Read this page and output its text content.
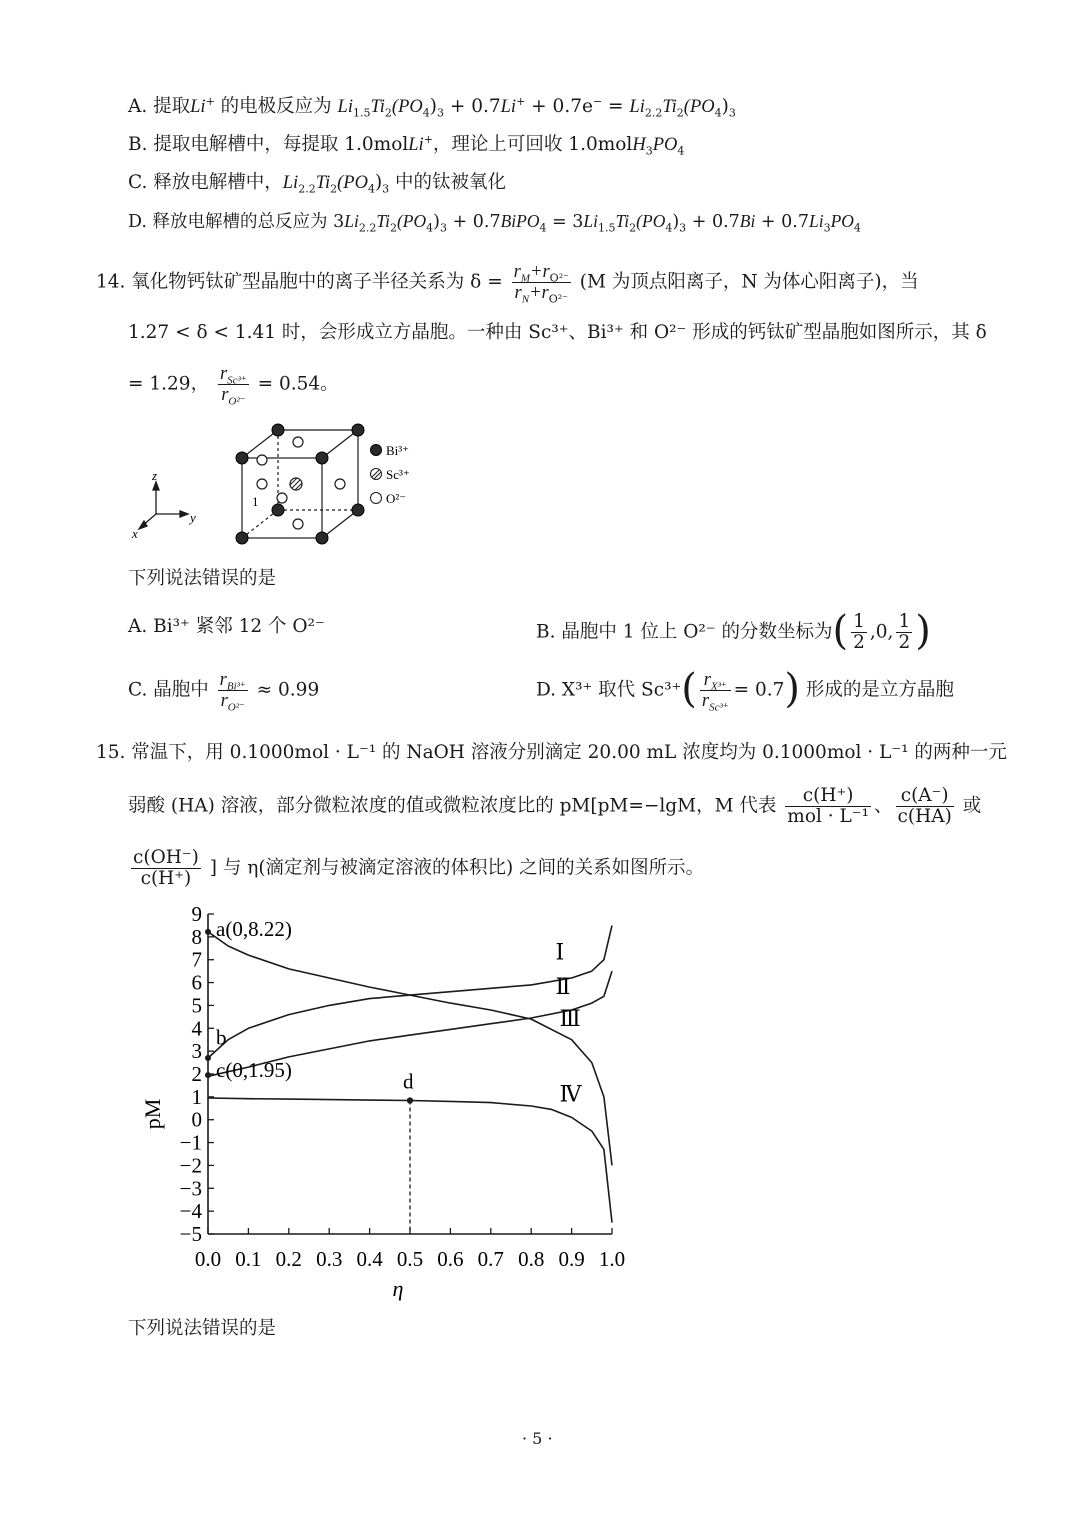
A. 提取Li+ 的电极反应为 $Li_{1.5}Ti_2(PO_4)_3 + 0.7Li^+ + 0.7e^- = Li_{2.2}Ti_2(PO_4)_3$
B. 提取电解槽中，每提取 1.0molLi+，理论上可回收 $1.0molH_3PO_4$
C. 释放电解槽中，$Li_{2.2}Ti_2(PO_4)_3$ 中的钛被氧化
D. 释放电解槽的总反应为 $3Li_{2.2}Ti_2(PO_4)_3$ + 0.7BiPO$_4$ = $3Li_{1.5}Ti_2(PO_4)_3 + 0.7Bi + 0.7Li_3PO_4$
14. 氧化物钙钛矿型晶胞中的离子半径关系为 $\delta = \frac{r_M+r_{O^{2-}}}{r_N+r_{O^{2-}}} (M$ 为顶点阳离子，N 为体心阳离子)，当
1.27 < δ < 1.41 时，会形成立方晶胞。一种由 Sc³⁺、Bi³⁺ 和 O²⁻ 形成的钙钛矿型晶胞如图所示，其 δ
= 1.29， $\frac{r_{Sc^{3+}}}{r_{O^{2-}}} = 0.54$。
z
y
x
1
Bi³⁺
Sc³⁺
O²⁻
下列说法错误的是
A. Bi³⁺ 紧邻 12 个 O²⁻	B. 晶胞中 1 位上 O²⁻ 的分数坐标为( $\frac{1}{2} ,0$, $\frac{1}{2}$ )
C. 晶胞中 $\frac{r_{Bi^{3+}}}{r_{O^{2-}}} \approx 0.99$	D. X³⁺ 取代 $Sc^{3+}( \frac{r_{X^{3+}}}{r_{Sc^{3+}}} = 0.7)$ 形成的是立方晶胞
15. 常温下，用 0.1000mol · L⁻¹ 的 NaOH 溶液分别滴定 20.00 mL 浓度均为 0.1000mol · L⁻¹ 的两种一元
弱酸 (HA) 溶液，部分微粒浓度的值或微粒浓度比的 pM[pM=−lgM，M 代表 $\frac{c(H^+)}{\text{mol · L⁻¹}}$ 、 $\frac{c(A^-)}{c(HA)}$ 或
$\frac{c(OH^-)}{c(H^+)}$ ] 与 η(滴定剂与被滴定溶液的体积比) 之间的关系如图所示。
9
8
7
6
5
4
3
2
1
0
−1
−2
−3
−4
−5
0.0 0.1 0.2 0.3 0.4 0.5 0.6 0.7 0.8 0.9 1.0
η
pM
Ⅰ
Ⅱ
Ⅲ
Ⅳ
a(0,8.22)
b
c(0,1.95)	d
下列说法错误的是
· 5 ·
